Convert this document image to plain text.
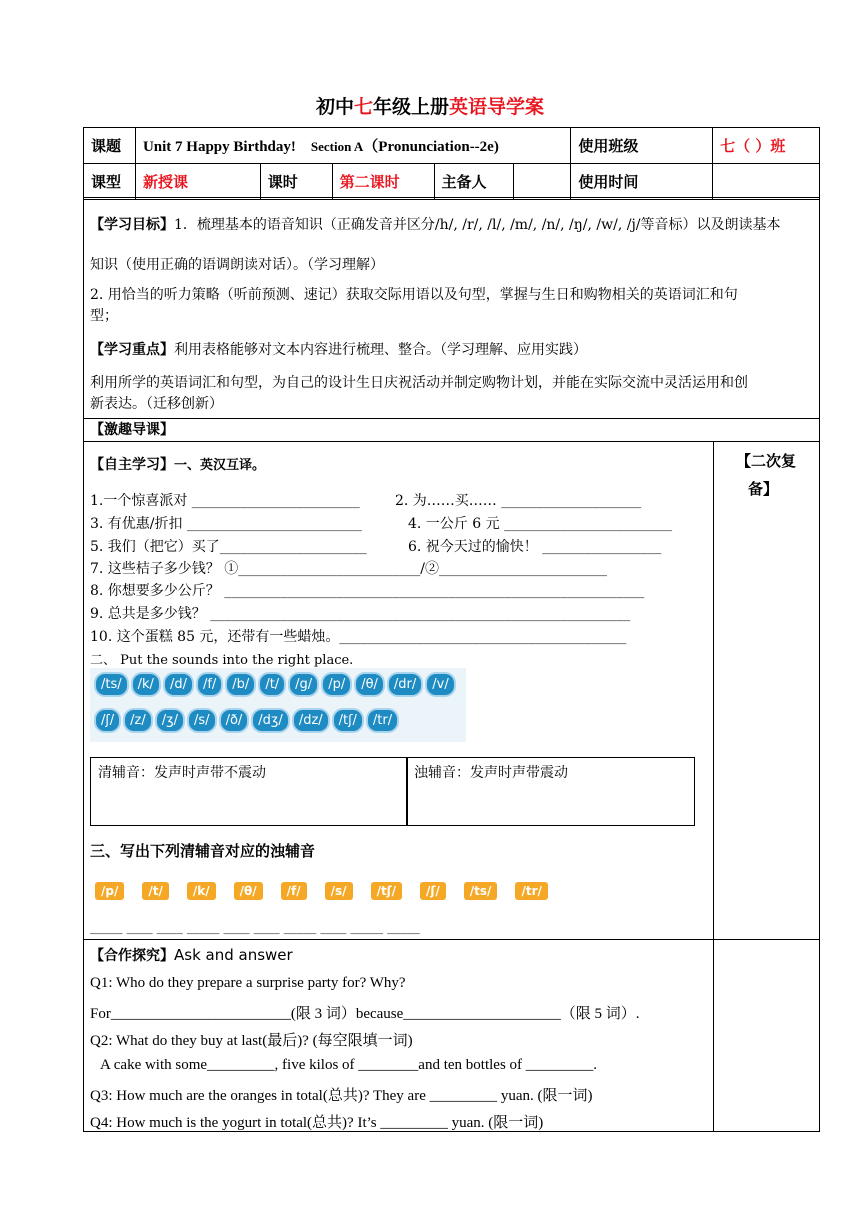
初中七年级上册英语导学案
课题	Unit 7 Happy Birthday! Section A（Pronunciation--2e)					使用班级	七（ ）班
课型	新授课	课时	第二课时	主备人		使用时间	
【学习目标】1．梳理基本的语音知识（正确发音并区分/h/, /r/, /l/, /m/, /n/, /ŋ/, /w/, /j/等音标）以及朗读基本
知识（使用正确的语调朗读对话）。（学习理解）
2. 用恰当的听力策略（听前预测、速记）获取交际用语以及句型，掌握与生日和购物相关的英语词汇和句
型；
【学习重点】利用表格能够对文本内容进行梳理、整合。（学习理解、应用实践）
利用所学的英语词汇和句型，为自己的设计生日庆祝活动并制定购物计划，并能在实际交流中灵活运用和创
新表达。（迁移创新）
【激趣导课】
【二次复
备】
【自主学习】一、英汉互译。
1.一个惊喜派对 ________________________	2. 为……买…… ____________________
3. 有优惠/折扣 _________________________	4. 一公斤 6 元 ________________________
5. 我们（把它）买了_____________________	6. 祝今天过的愉快！ _________________
7. 这些桔子多少钱？ ①__________________________/②________________________
8. 你想要多少公斤？ ____________________________________________________________
9. 总共是多少钱？ ____________________________________________________________
10. 这个蛋糕 85 元，还带有一些蜡烛。_________________________________________
二、 Put the sounds into the right place.
/ts/ /k/ /d/ /f/ /b/ /t/ /g/ /p/ /θ/ /dr/ /v/
/ʃ/ /z/ /ʒ/ /s/ /ð/ /dʒ/ /dz/ /tʃ/ /tr/
清辅音：发声时声带不震动	浊辅音：发声时声带震动
三、写出下列清辅音对应的浊辅音
/p/	/t/	/k/	/θ/	/f/	/s/	/tʃ/	/ʃ/	/ts/	/tr/
_____ ____ ____ _____ ____ ____ _____ ____ _____ _____
【合作探究】Ask and answer
Q1: Who do they prepare a surprise party for? Why?
For________________________(限 3 词）because_____________________（限 5 词）.
Q2: What do they buy at last(最后)? (每空限填一词)
A cake with some_________, five kilos of ________and ten bottles of _________.
Q3: How much are the oranges in total(总共)? They are _________ yuan. (限一词)
Q4: How much is the yogurt in total(总共)? It’s _________ yuan. (限一词)
